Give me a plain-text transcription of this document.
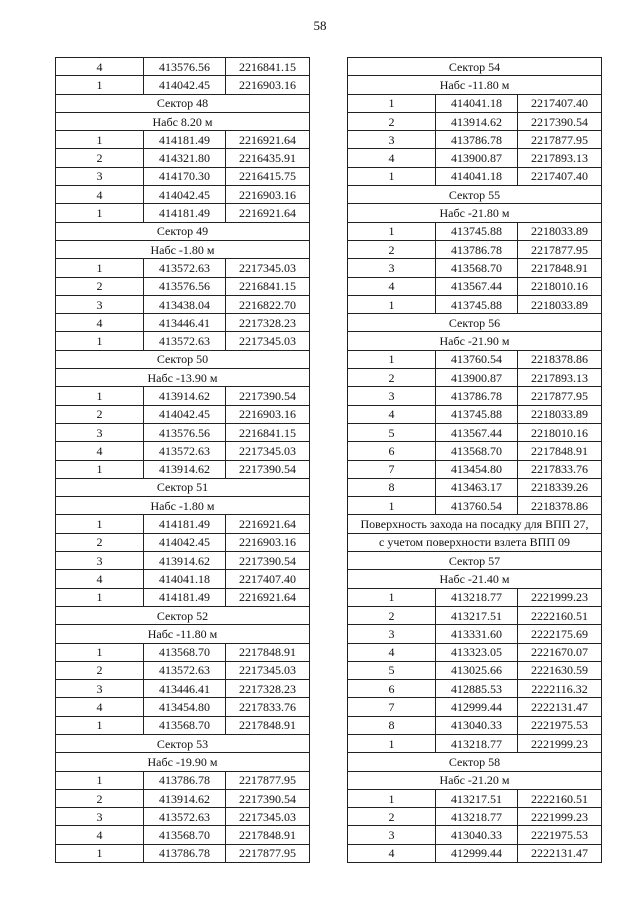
58
4	413576.56	2216841.15
1	414042.45	2216903.16
Сектор 48		
Набс 8.20 м		
1	414181.49	2216921.64
2	414321.80	2216435.91
3	414170.30	2216415.75
4	414042.45	2216903.16
1	414181.49	2216921.64
Сектор 49		
Набс -1.80 м		
1	413572.63	2217345.03
2	413576.56	2216841.15
3	413438.04	2216822.70
4	413446.41	2217328.23
1	413572.63	2217345.03
Сектор 50		
Набс -13.90 м		
1	413914.62	2217390.54
2	414042.45	2216903.16
3	413576.56	2216841.15
4	413572.63	2217345.03
1	413914.62	2217390.54
Сектор 51		
Набс -1.80 м		
1	414181.49	2216921.64
2	414042.45	2216903.16
3	413914.62	2217390.54
4	414041.18	2217407.40
1	414181.49	2216921.64
Сектор 52		
Набс -11.80 м		
1	413568.70	2217848.91
2	413572.63	2217345.03
3	413446.41	2217328.23
4	413454.80	2217833.76
1	413568.70	2217848.91
Сектор 53		
Набс -19.90 м		
1	413786.78	2217877.95
2	413914.62	2217390.54
3	413572.63	2217345.03
4	413568.70	2217848.91
1	413786.78	2217877.95
Сектор 54		
Набс -11.80 м		
1	414041.18	2217407.40
2	413914.62	2217390.54
3	413786.78	2217877.95
4	413900.87	2217893.13
1	414041.18	2217407.40
Сектор 55		
Набс -21.80 м		
1	413745.88	2218033.89
2	413786.78	2217877.95
3	413568.70	2217848.91
4	413567.44	2218010.16
1	413745.88	2218033.89
Сектор 56		
Набс -21.90 м		
1	413760.54	2218378.86
2	413900.87	2217893.13
3	413786.78	2217877.95
4	413745.88	2218033.89
5	413567.44	2218010.16
6	413568.70	2217848.91
7	413454.80	2217833.76
8	413463.17	2218339.26
1	413760.54	2218378.86
Поверхность захода на посадку для ВПП 27,		
с учетом поверхности взлета ВПП 09		
Сектор 57		
Набс -21.40 м		
1	413218.77	2221999.23
2	413217.51	2222160.51
3	413331.60	2222175.69
4	413323.05	2221670.07
5	413025.66	2221630.59
6	412885.53	2222116.32
7	412999.44	2222131.47
8	413040.33	2221975.53
1	413218.77	2221999.23
Сектор 58		
Набс -21.20 м		
1	413217.51	2222160.51
2	413218.77	2221999.23
3	413040.33	2221975.53
4	412999.44	2222131.47
